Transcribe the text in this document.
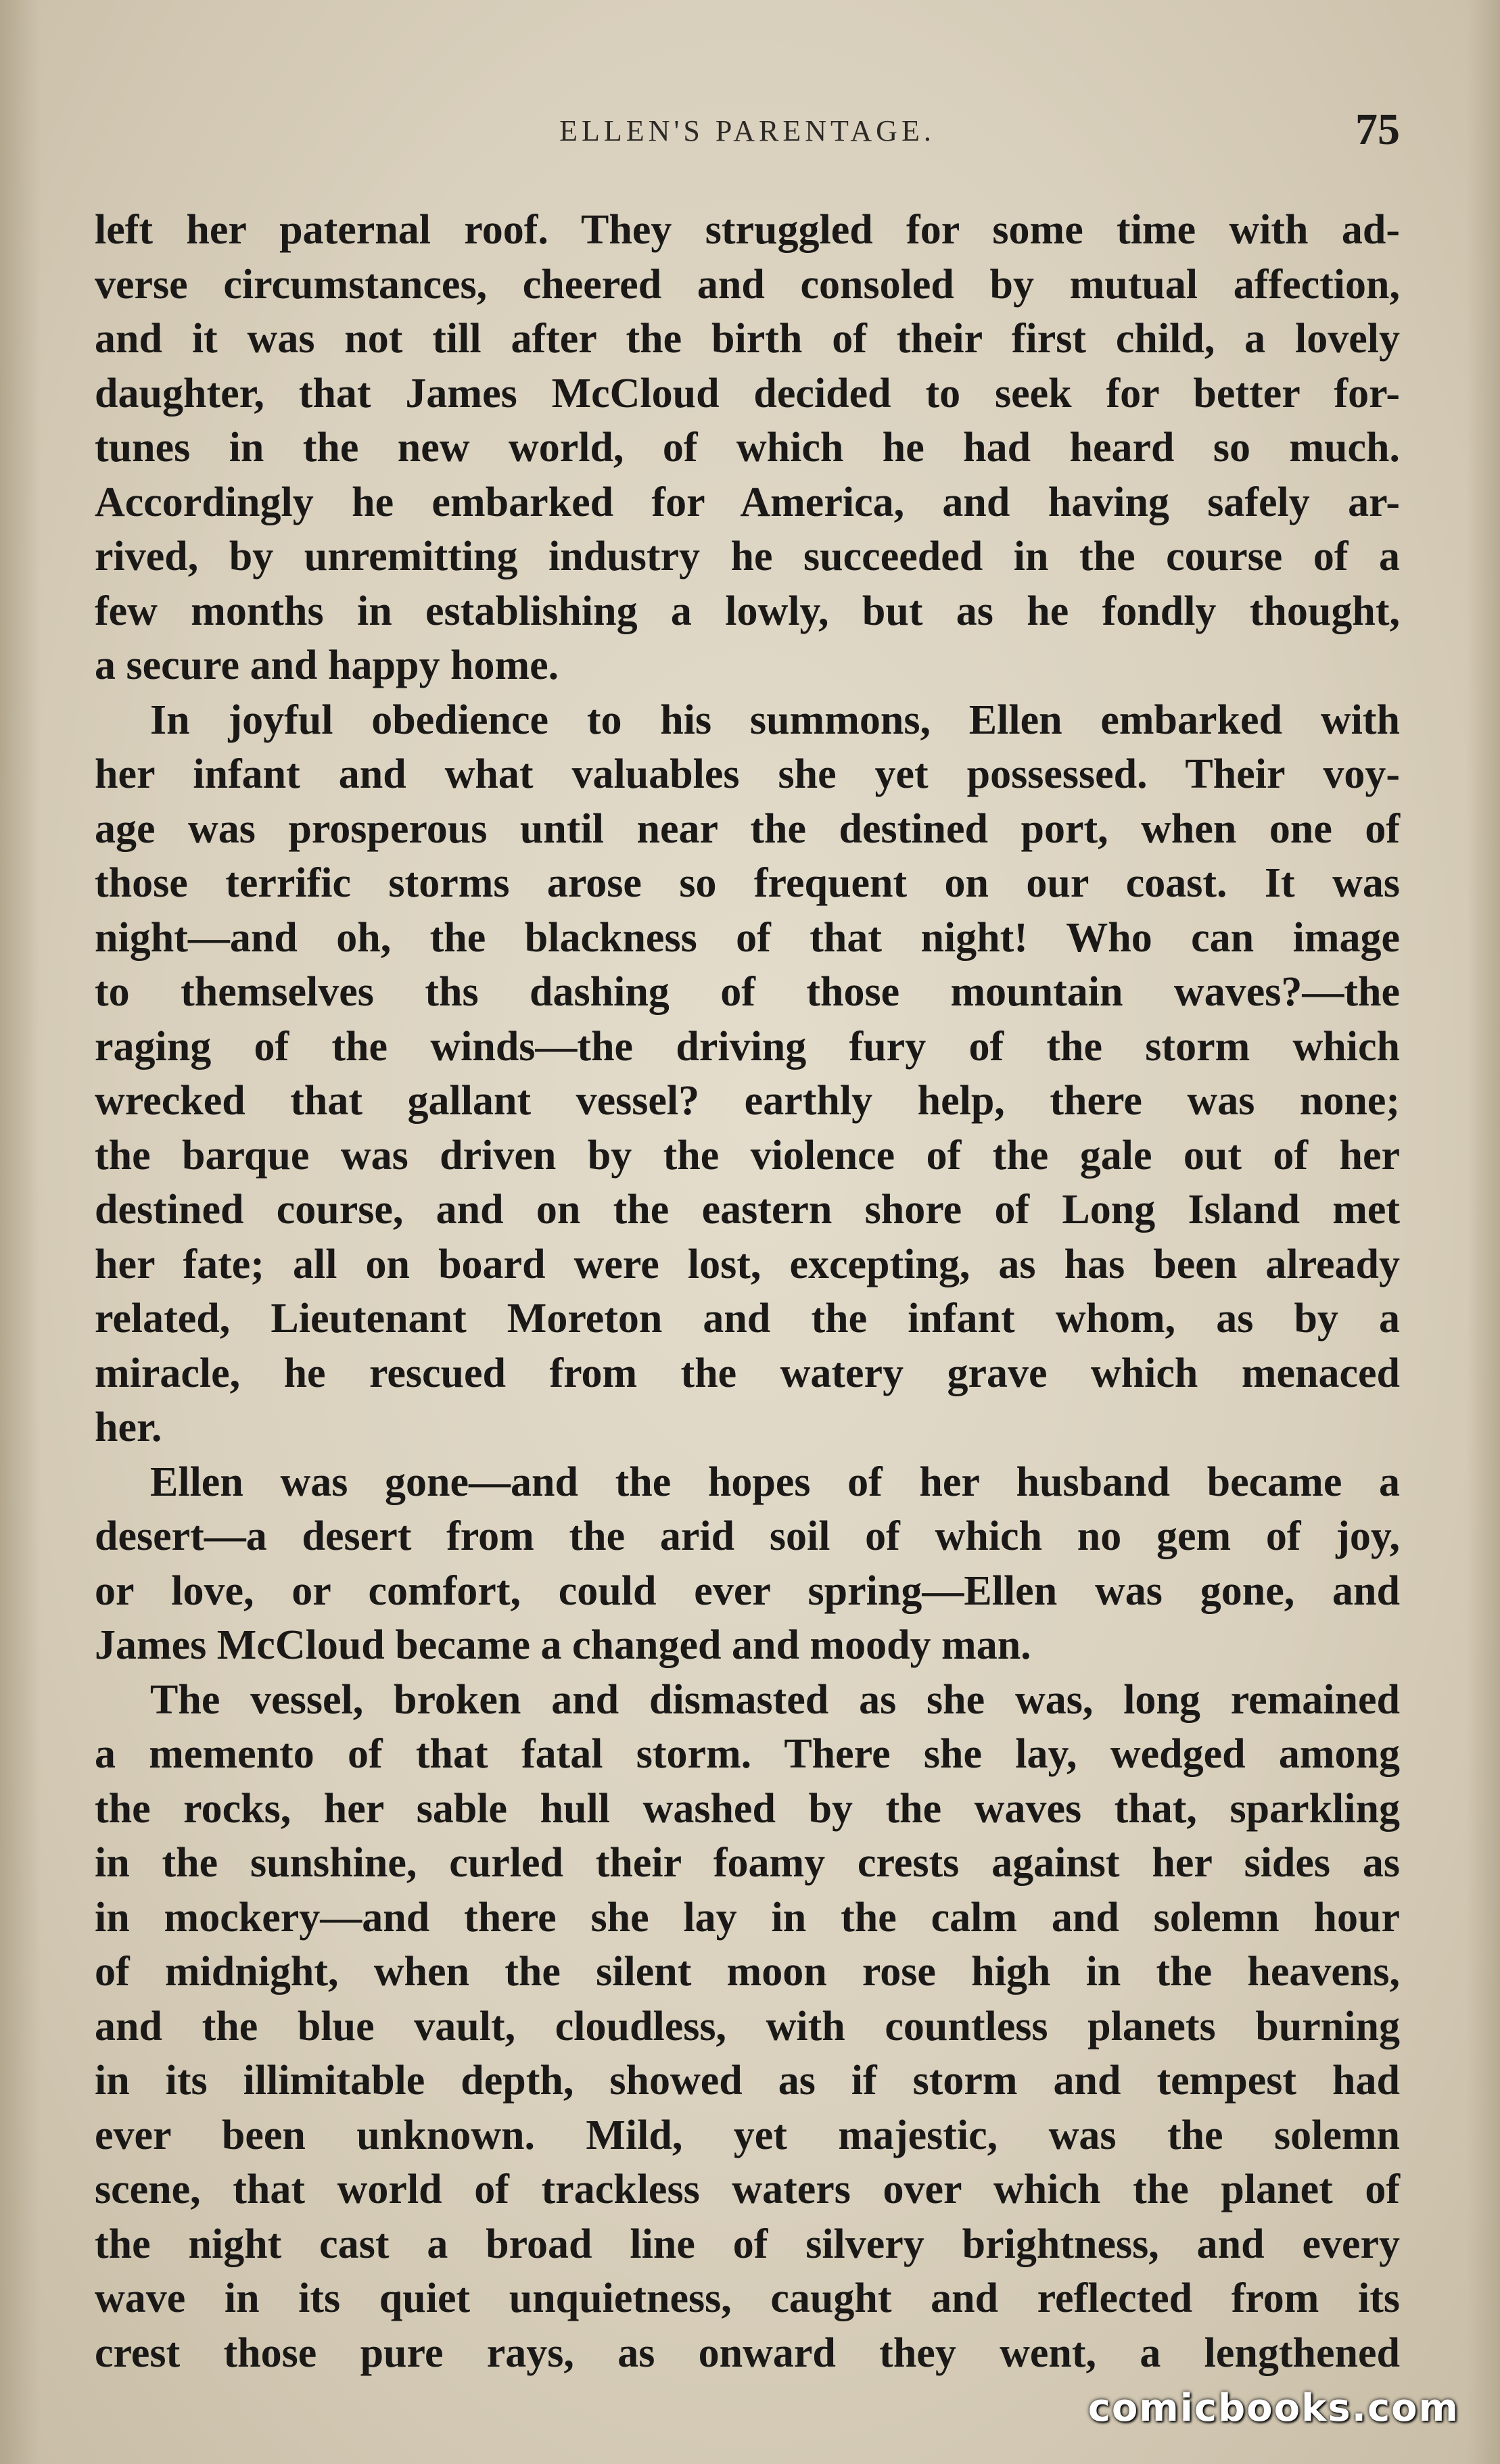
ELLEN'S PARENTAGE.	75

left her paternal roof. They struggled for some time with ad-

verse circumstances, cheered and consoled by mutual affection,

and it was not till after the birth of their first child, a lovely

daughter, that James McCloud decided to seek for better for-

tunes in the new world, of which he had heard so much.

Accordingly he embarked for America, and having safely ar-

rived, by unremitting industry he succeeded in the course of a

few months in establishing a lowly, but as he fondly thought,

a secure and happy home.

In joyful obedience to his summons, Ellen embarked with

her infant and what valuables she yet possessed. Their voy-

age was prosperous until near the destined port, when one of

those terrific storms arose so frequent on our coast. It was

night—and oh, the blackness of that night! Who can image

to themselves ths dashing of those mountain waves?—the

raging of the winds—the driving fury of the storm which

wrecked that gallant vessel? earthly help, there was none;

the barque was driven by the violence of the gale out of her

destined course, and on the eastern shore of Long Island met

her fate; all on board were lost, excepting, as has been already

related, Lieutenant Moreton and the infant whom, as by a

miracle, he rescued from the watery grave which menaced

her.

Ellen was gone—and the hopes of her husband became a

desert—a desert from the arid soil of which no gem of joy,

or love, or comfort, could ever spring—Ellen was gone, and

James McCloud became a changed and moody man.

The vessel, broken and dismasted as she was, long remained

a memento of that fatal storm. There she lay, wedged among

the rocks, her sable hull washed by the waves that, sparkling

in the sunshine, curled their foamy crests against her sides as

in mockery—and there she lay in the calm and solemn hour

of midnight, when the silent moon rose high in the heavens,

and the blue vault, cloudless, with countless planets burning

in its illimitable depth, showed as if storm and tempest had

ever been unknown. Mild, yet majestic, was the solemn

scene, that world of trackless waters over which the planet of

the night cast a broad line of silvery brightness, and every

wave in its quiet unquietness, caught and reflected from its

crest those pure rays, as onward they went, a lengthened

comicbooks.com
